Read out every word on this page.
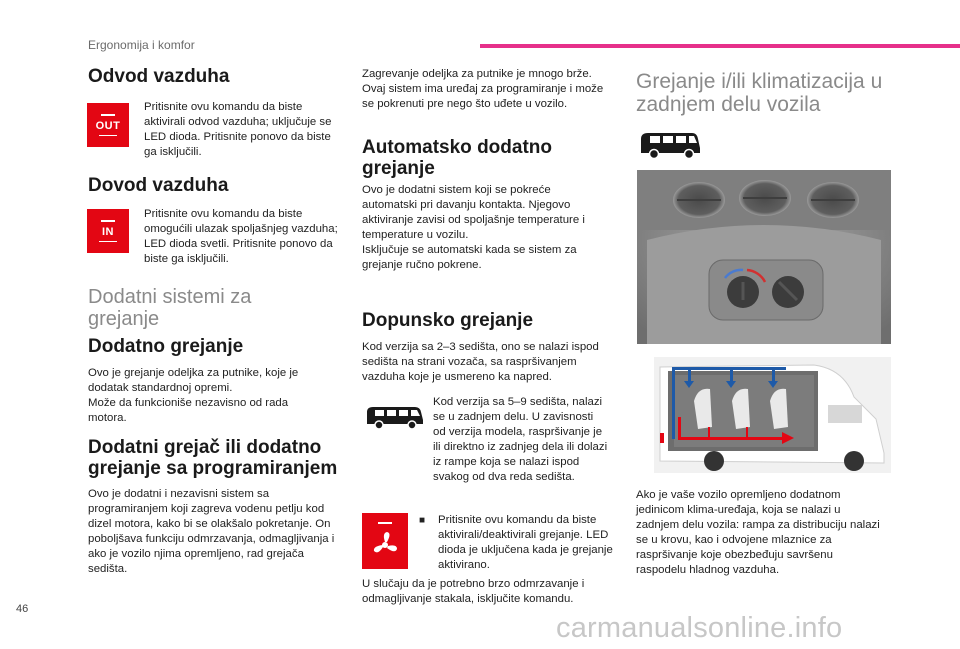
Ergonomija i komfor
Odvod vazduha
OUT

Pritisnite ovu komandu da biste aktivirali odvod vazduha; uključuje se LED dioda. Pritisnite ponovo da biste ga isključili.

Dovod vazduha
IN

Pritisnite ovu komandu da biste omogućili ulazak spoljašnjeg vazduha; LED dioda svetli. Pritisnite ponovo da biste ga isključili.

Dodatni sistemi za grejanje
Dodatno grejanje

Ovo je grejanje odeljka za putnike, koje je dodatak standardnoj opremi.
Može da funkcioniše nezavisno od rada motora.

Dodatni grejač ili dodatno grejanje sa programiranjem

Ovo je dodatni i nezavisni sistem sa programiranjem koji zagreva vodenu petlju kod dizel motora, kako bi se olakšalo pokretanje. On poboljšava funkciju odmrzavanja, odmagljivanja i ako je vozilo njima opremljeno, rad grejača sedišta.

Zagrevanje odeljka za putnike je mnogo brže. Ovaj sistem ima uređaj za programiranje i može se pokrenuti pre nego što uđete u vozilo.

Automatsko dodatno grejanje

Ovo je dodatni sistem koji se pokreće automatski pri davanju kontakta. Njegovo aktiviranje zavisi od spoljašnje temperature i temperature u vozilu.
Isključuje se automatski kada se sistem za grejanje ručno pokrene.

Dopunsko grejanje

Kod verzija sa 2–3 sedišta, ono se nalazi ispod sedišta na strani vozača, sa raspršivanjem vazduha koje je usmereno ka napred.

Kod verzija sa 5–9 sedišta, nalazi se u zadnjem delu. U zavisnosti od verzija modela, raspršivanje je ili direktno iz zadnjeg dela ili dolazi iz rampe koja se nalazi ispod svakog od dva reda sedišta.

■ Pritisnite ovu komandu da biste aktivirali/deaktivirali grejanje. LED dioda je uključena kada je grejanje aktivirano.

U slučaju da je potrebno brzo odmrzavanje i odmagljivanje stakala, isključite komandu.

Grejanje i/ili klimatizacija u zadnjem delu vozila

Ako je vaše vozilo opremljeno dodatnom jedinicom klima-uređaja, koja se nalazi u zadnjem delu vozila: rampa za distribuciju nalazi se u krovu, kao i odvojene mlaznice za raspršivanje koje obezbeđuju savršenu raspodelu hladnog vazduha.

46
carmanualsonline.info
